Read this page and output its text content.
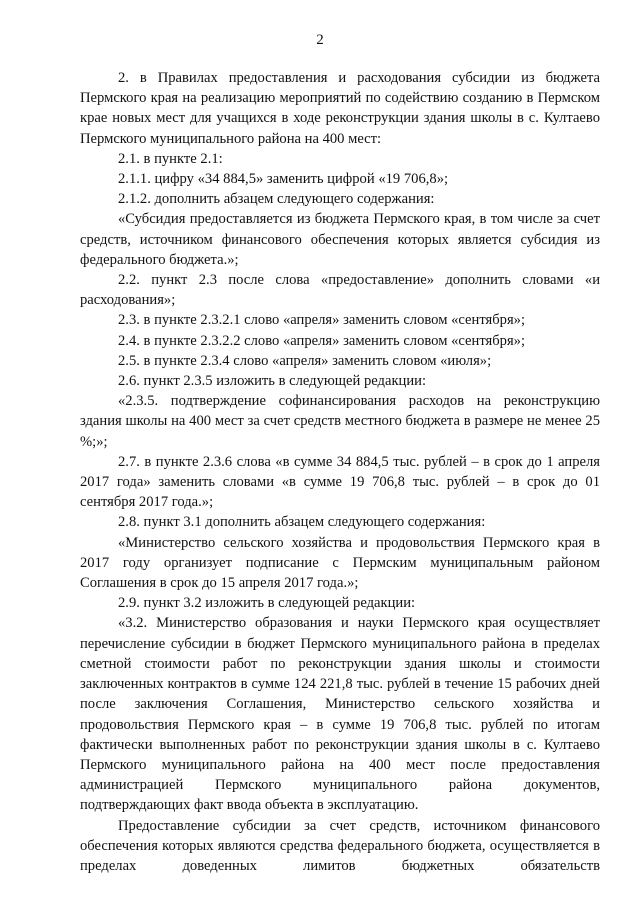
2

2. в Правилах предоставления и расходования субсидии из бюджета Пермского края на реализацию мероприятий по содействию созданию в Пермском крае новых мест для учащихся в ходе реконструкции здания школы в с. Култаево Пермского муниципального района на 400 мест:

2.1. в пункте 2.1:

2.1.1. цифру «34 884,5» заменить цифрой «19 706,8»;

2.1.2. дополнить абзацем следующего содержания:

«Субсидия предоставляется из бюджета Пермского края, в том числе за счет средств, источником финансового обеспечения которых является субсидия из федерального бюджета.»;

2.2. пункт 2.3 после слова «предоставление» дополнить словами «и расходования»;

2.3. в пункте 2.3.2.1 слово «апреля» заменить словом «сентября»;

2.4. в пункте 2.3.2.2 слово «апреля» заменить словом «сентября»;

2.5. в пункте 2.3.4 слово «апреля» заменить словом «июля»;

2.6. пункт 2.3.5 изложить в следующей редакции:

«2.3.5. подтверждение софинансирования расходов на реконструкцию здания школы на 400 мест за счет средств местного бюджета в размере не менее 25 %;»;

2.7. в пункте 2.3.6 слова «в сумме 34 884,5 тыс. рублей – в срок до 1 апреля 2017 года» заменить словами «в сумме 19 706,8 тыс. рублей – в срок до 01 сентября 2017 года.»;

2.8. пункт 3.1 дополнить абзацем следующего содержания:

«Министерство сельского хозяйства и продовольствия Пермского края в 2017 году организует подписание с Пермским муниципальным районом Соглашения в срок до 15 апреля 2017 года.»;

2.9. пункт 3.2 изложить в следующей редакции:

«3.2. Министерство образования и науки Пермского края осуществляет перечисление субсидии в бюджет Пермского муниципального района в пределах сметной стоимости работ по реконструкции здания школы и стоимости заключенных контрактов в сумме 124 221,8 тыс. рублей в течение 15 рабочих дней после заключения Соглашения, Министерство сельского хозяйства и продовольствия Пермского края – в сумме 19 706,8 тыс. рублей по итогам фактически выполненных работ по реконструкции здания школы в с. Култаево Пермского муниципального района на 400 мест после предоставления администрацией Пермского муниципального района документов, подтверждающих факт ввода объекта в эксплуатацию.

Предоставление субсидии за счет средств, источником финансового обеспечения которых являются средства федерального бюджета, осуществляется в пределах доведенных лимитов бюджетных обязательств
